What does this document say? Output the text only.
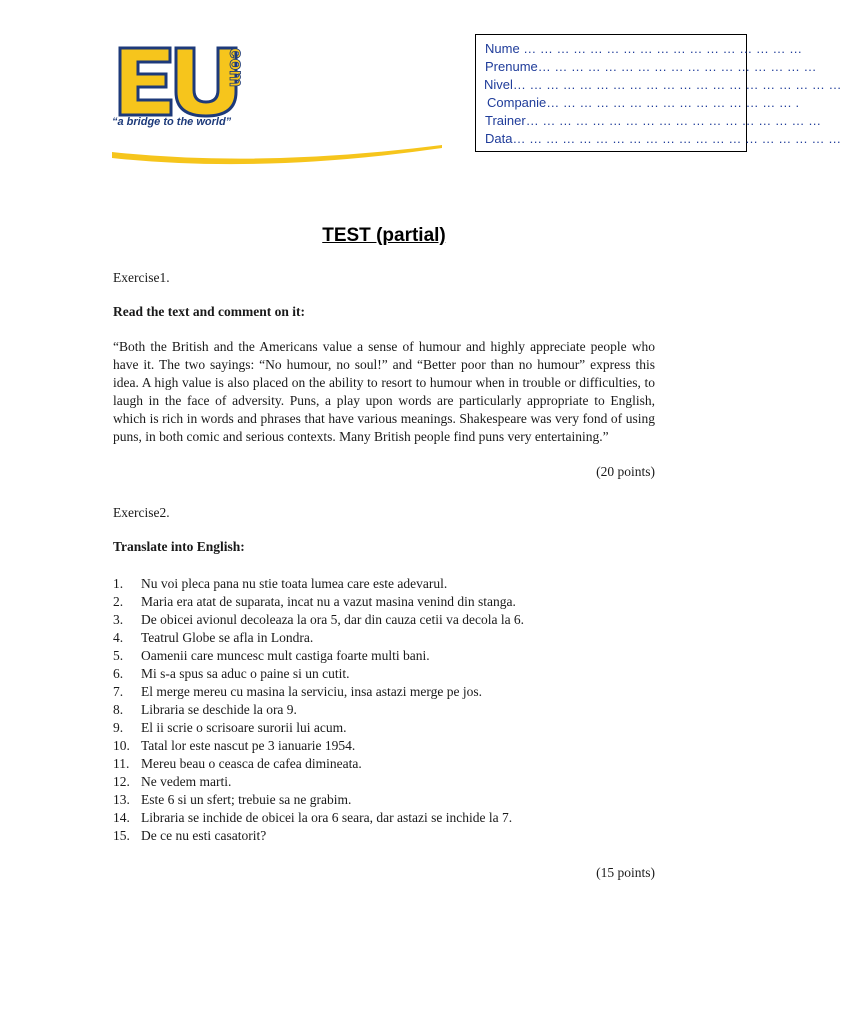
com
“a bridge to the world”
Nume … … … … … … … … … … … … … … … … …
Prenume… … … … … … … … … … … … … … … … …
Nivel… … … … … … … … … … … … … … … … … … … …
Companie… … … … … … … … … … … … … … … .
Trainer… … … … … … … … … … … … … … … … … …
Data… … … … … … … … … … … … … … … … … … … …
TEST (partial)

Exercise1.

Read the text and comment on it:

“Both the British and the Americans value a sense of humour and highly appreciate people who have it. The two sayings: “No humour, no soul!” and “Better poor than no humour” express this idea. A high value is also placed on the ability to resort to humour when in trouble or difficulties, to laugh in the face of adversity. Puns, a play upon words are particularly appropriate to English, which is rich in words and phrases that have various meanings. Shakespeare was very fond of using puns, in both comic and serious contexts. Many British people find puns very entertaining.”

(20 points)

Exercise2.

Translate into English:

1.	Nu voi pleca pana nu stie toata lumea care este adevarul.
2.	Maria era atat de suparata, incat nu a vazut masina venind din stanga.
3.	De obicei avionul decoleaza la ora 5, dar din cauza cetii va decola la 6.
4.	Teatrul Globe se afla in Londra.
5.	Oamenii care muncesc mult castiga foarte multi bani.
6.	Mi s-a spus sa aduc o paine si un cutit.
7.	El merge mereu cu masina la serviciu, insa astazi merge pe jos.
8.	Libraria se deschide la ora 9.
9.	El ii scrie o scrisoare surorii lui acum.
10. Tatal lor este nascut pe 3 ianuarie 1954.
11. Mereu beau o ceasca de cafea dimineata.
12. Ne vedem marti.
13. Este 6 si un sfert; trebuie sa ne grabim.
14. Libraria se inchide de obicei la ora 6 seara, dar astazi se inchide la 7.
15. De ce nu esti casatorit?

(15 points)
